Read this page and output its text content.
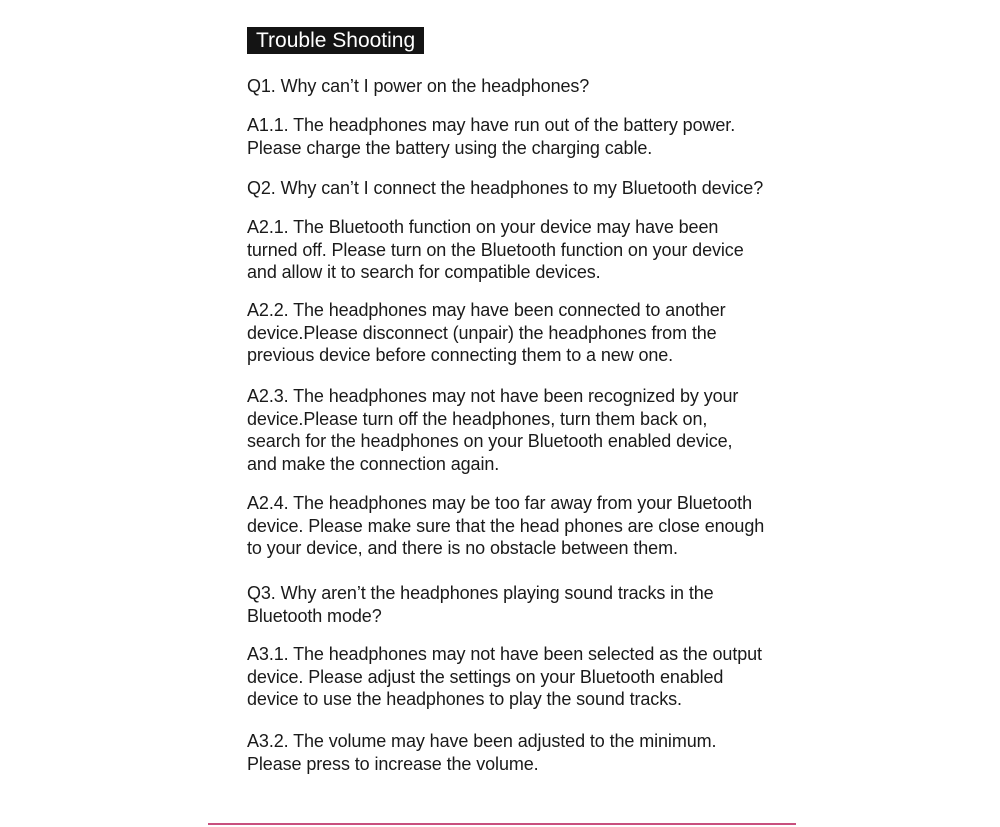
Trouble Shooting

Q1. Why can’t I power on the headphones?

A1.1. The headphones may have run out of the battery power.
Please charge the battery using the charging cable.

Q2. Why can’t I connect the headphones to my Bluetooth device?

A2.1. The Bluetooth function on your device may have been
turned off. Please turn on the Bluetooth function on your device
and allow it to search for compatible devices.

A2.2. The headphones may have been connected to another
device.Please disconnect (unpair) the headphones from the
previous device before connecting them to a new one.

A2.3. The headphones may not have been recognized by your
device.Please turn off the headphones, turn them back on,
search for the headphones on your Bluetooth enabled device,
and make the connection again.

A2.4. The headphones may be too far away from your Bluetooth
device. Please make sure that the head phones are close enough
to your device, and there is no obstacle between them.

Q3. Why aren’t the headphones playing sound tracks in the
Bluetooth mode?

A3.1. The headphones may not have been selected as the output
device. Please adjust the settings on your Bluetooth enabled
device to use the headphones to play the sound tracks.

A3.2. The volume may have been adjusted to the minimum.
Please press to increase the volume.
